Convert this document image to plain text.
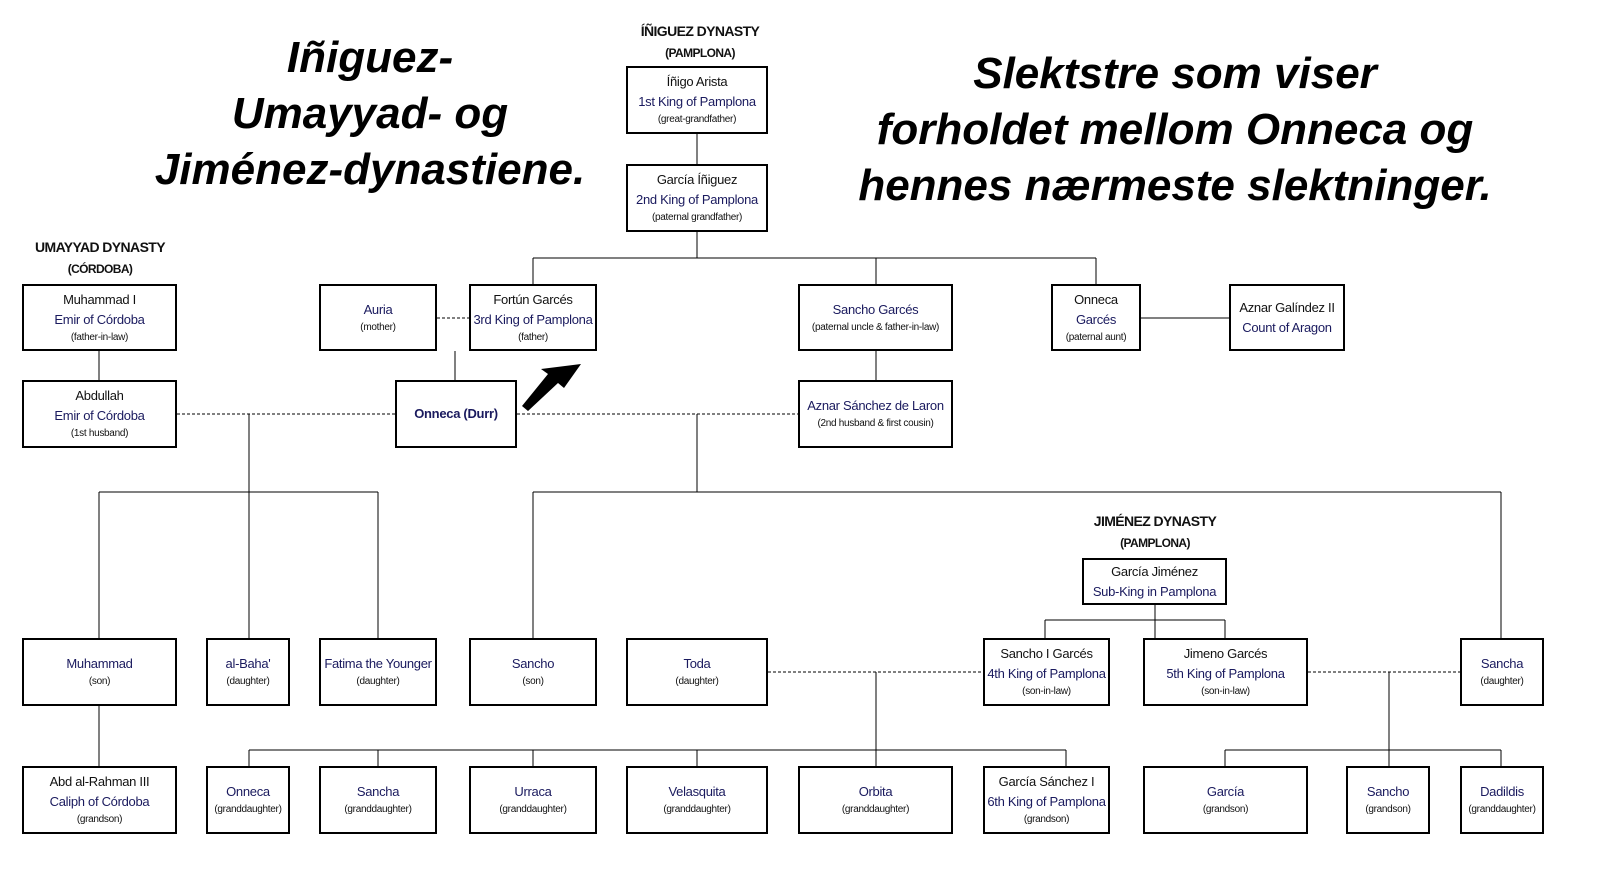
Iñiguez-
Umayyad- og
Jiménez-dynastiene.
Slektstre som viser
forholdet mellom Onneca og
hennes nærmeste slektninger.
ÍÑIGUEZ DYNASTY
(PAMPLONA)
UMAYYAD DYNASTY
(CÓRDOBA)
JIMÉNEZ DYNASTY
(PAMPLONA)
Íñigo Arista
1st King of Pamplona
(great-grandfather)
García Íñiguez
2nd King of Pamplona
(paternal grandfather)
Muhammad I
Emir of Córdoba
(father-in-law)
Auria
(mother)
Fortún Garcés
3rd King of Pamplona
(father)
Sancho Garcés
(paternal uncle & father-in-law)
Onneca
Garcés
(paternal aunt)
Aznar Galíndez II
Count of Aragon
Abdullah
Emir of Córdoba
(1st husband)
Onneca (Durr)
Aznar Sánchez de Laron
(2nd husband & first cousin)
García Jiménez
Sub-King in Pamplona
Muhammad
(son)
al-Baha'
(daughter)
Fatima the Younger
(daughter)
Sancho
(son)
Toda
(daughter)
Sancho I Garcés
4th King of Pamplona
(son-in-law)
Jimeno Garcés
5th King of Pamplona
(son-in-law)
Sancha
(daughter)
Abd al-Rahman III
Caliph of Córdoba
(grandson)
Onneca
(granddaughter)
Sancha
(granddaughter)
Urraca
(granddaughter)
Velasquita
(granddaughter)
Orbita
(granddaughter)
García Sánchez I
6th King of Pamplona
(grandson)
García
(grandson)
Sancho
(grandson)
Dadildis
(granddaughter)
